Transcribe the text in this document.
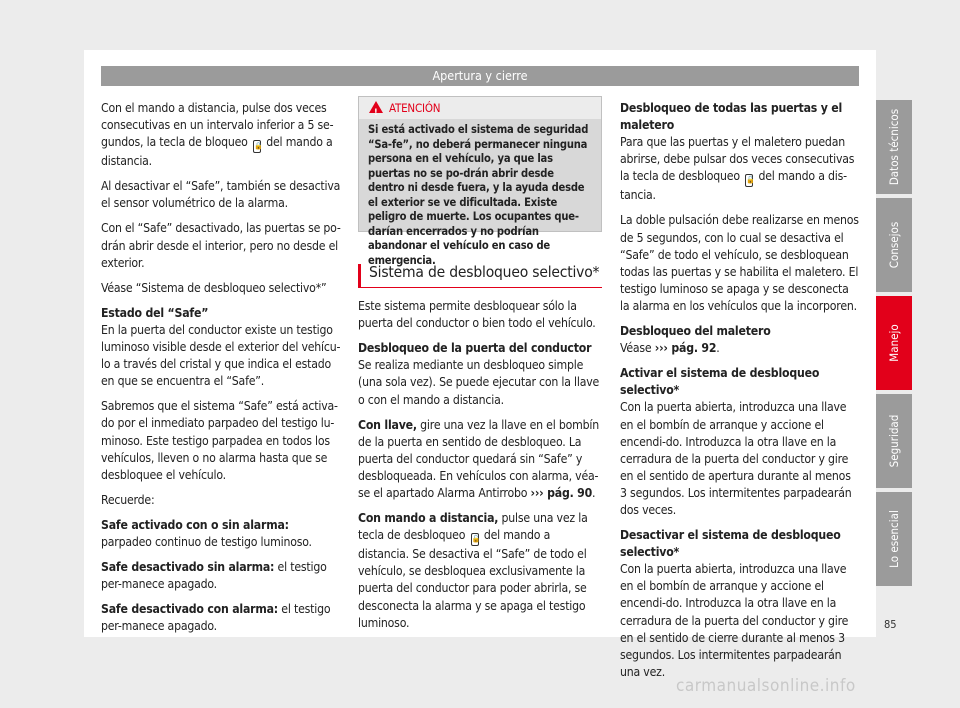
Apertura y cierre

Con el mando a distancia, pulse dos veces consecutivas en un intervalo inferior a 5 se-gundos, la tecla de bloqueo 🔒 del mando a distancia.

Al desactivar el “Safe”, también se desactiva el sensor volumétrico de la alarma.

Con el “Safe” desactivado, las puertas se po-drán abrir desde el interior, pero no desde el exterior.

Véase “Sistema de desbloqueo selectivo*”

Estado del “Safe”

En la puerta del conductor existe un testigo luminoso visible desde el exterior del vehícu-lo a través del cristal y que indica el estado en que se encuentra el “Safe”.

Sabremos que el sistema “Safe” está activa-do por el inmediato parpadeo del testigo lu-minoso. Este testigo parpadea en todos los vehículos, lleven o no alarma hasta que se desbloquee el vehículo.

Recuerde:

Safe activado con o sin alarma: parpadeo continuo de testigo luminoso.

Safe desactivado sin alarma: el testigo per-manece apagado.

Safe desactivado con alarma: el testigo per-manece apagado.

!ATENCIÓN
Si está activado el sistema de seguridad “Sa-fe”, no deberá permanecer ninguna persona en el vehículo, ya que las puertas no se po-drán abrir desde dentro ni desde fuera, y la ayuda desde el exterior se ve dificultada. Existe peligro de muerte. Los ocupantes que-darían encerrados y no podrían abandonar el vehículo en caso de emergencia.
Sistema de desbloqueo selectivo*

Este sistema permite desbloquear sólo la puerta del conductor o bien todo el vehículo.

Desbloqueo de la puerta del conductor

Se realiza mediante un desbloqueo simple (una sola vez). Se puede ejecutar con la llave o con el mando a distancia.

Con llave, gire una vez la llave en el bombín de la puerta en sentido de desbloqueo. La puerta del conductor quedará sin “Safe” y desbloqueada. En vehículos con alarma, véa-se el apartado Alarma Antirrobo ››› pág. 90.

Con mando a distancia, pulse una vez la tecla de desbloqueo 🔓 del mando a distancia. Se desactiva el “Safe” de todo el vehículo, se desbloquea exclusivamente la puerta del conductor para poder abrirla, se desconecta la alarma y se apaga el testigo luminoso.

Desbloqueo de todas las puertas y el maletero

Para que las puertas y el maletero puedan abrirse, debe pulsar dos veces consecutivas la tecla de desbloqueo 🔓 del mando a dis-tancia.

La doble pulsación debe realizarse en menos de 5 segundos, con lo cual se desactiva el “Safe” de todo el vehículo, se desbloquean todas las puertas y se habilita el maletero. El testigo luminoso se apaga y se desconecta la alarma en los vehículos que la incorporen.

Desbloqueo del maletero

Véase ››› pág. 92.

Activar el sistema de desbloqueo selectivo*

Con la puerta abierta, introduzca una llave en el bombín de arranque y accione el encendi-do. Introduzca la otra llave en la cerradura de la puerta del conductor y gire en el sentido de apertura durante al menos 3 segundos. Los intermitentes parpadearán dos veces.

Desactivar el sistema de desbloqueo selectivo*

Con la puerta abierta, introduzca una llave en el bombín de arranque y accione el encendi-do. Introduzca la otra llave en la cerradura de la puerta del conductor y gire en el sentido de cierre durante al menos 3 segundos. Los intermitentes parpadearán una vez.

Datos técnicos
Consejos
Manejo
Seguridad
Lo esencial
85
carmanualsonline.info
